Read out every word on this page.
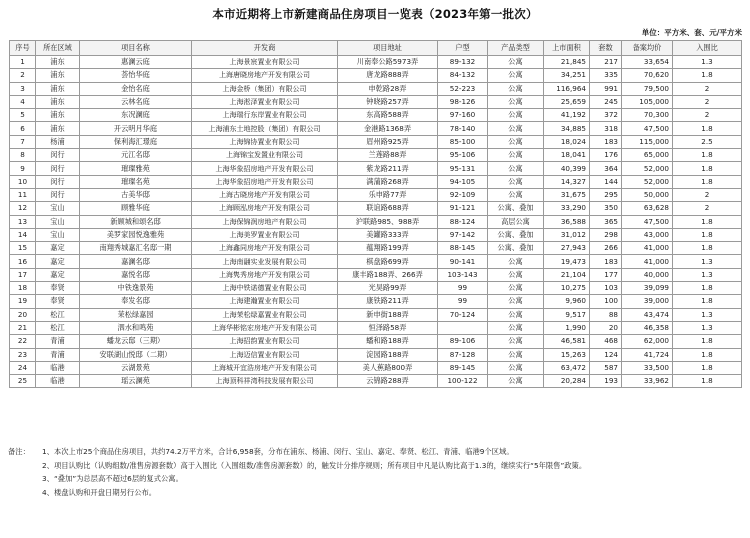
本市近期将上市新建商品住房项目一览表（2023年第一批次）
单位：平方米、套、元/平方米
序号	所在区域	项目名称	开发商	项目地址	户型	产品类型	上市面积	套数	备案均价	入围比
1	浦东	惠澜云庭	上海景宸置业有限公司	川南奉公路5973弄	89-132	公寓	21,845	217	33,654	1.3
2	浦东	荟怡华庭	上海唐晓房地产开发有限公司	唐龙路888弄	84-132	公寓	34,251	335	70,620	1.8
3	浦东	金怡名庭	上海金桥（集团）有限公司	申乾路28弄	52-223	公寓	116,964	991	79,500	2
4	浦东	云林名庭	上海淞泽置业有限公司	钟晓路257弄	98-126	公寓	25,659	245	105,000	2
5	浦东	东况澜庭	上海瑞行东岸置业有限公司	东高路588弄	97-160	公寓	41,192	372	70,300	2
6	浦东	开云明月华庭	上海浦东土地控股（集团）有限公司	金港路1368弄	78-140	公寓	34,885	318	47,500	1.8
7	杨浦	保利海汇璟庭	上海锦协置业有限公司	眉州路925弄	85-100	公寓	18,024	183	115,000	2.5
8	闵行	元江名邸	上海锦宝发置业有限公司	兰莲路88弄	95-106	公寓	18,041	176	65,000	1.8
9	闵行	璀璨雅苑	上海华象招房地产开发有限公司	紫龙路211弄	95-131	公寓	40,399	364	52,000	1.8
10	闵行	璀璨名苑	上海华象招房地产开发有限公司	满蒲路268弄	94-105	公寓	14,327	144	52,000	1.8
11	闵行	古美华邸	上海古晓房地产开发有限公司	乐申路77弄	92-109	公寓	31,675	295	50,000	2
12	宝山	顾雅华庭	上海顾泓房地产开发有限公司	联谊路688弄	91-121	公寓、叠加	33,290	350	63,628	2
13	宝山	新顾城和颂名邸	上海保锦润房地产有限公司	沪联路985、988弄	88-124	高层公寓	36,588	365	47,500	1.8
14	宝山	美罗家园悦逸雅苑	上海美罗置业有限公司	美罐路333弄	97-142	公寓、叠加	31,012	298	43,000	1.8
15	嘉定	南翔秀城嘉汇名邸一期	上海鑫同房地产开发有限公司	蕴翔路199弄	88-145	公寓、叠加	27,943	266	41,000	1.8
16	嘉定	嘉澜名邸	上海南翮实业发展有限公司	棋盘路699弄	90-141	公寓	19,473	183	41,000	1.3
17	嘉定	嘉悦名邸	上海隽秀房地产开发有限公司	康丰路188弄、266弄	103-143	公寓	21,104	177	40,000	1.3
18	奉贤	中铁逸景苑	上海中铁诺德置业有限公司	光昊路99弄	99	公寓	10,275	103	39,099	1.8
19	奉贤	奉发名邸	上海建瀚置业有限公司	康铁路211弄	99	公寓	9,960	100	39,000	1.8
20	松江	茉松绿嘉园	上海茉松绿嘉置业有限公司	新申街188弄	70-124	公寓	9,517	88	43,474	1.3
21	松江	泗水和鸣苑	上海华彬铭宏房地产开发有限公司	恒泽路58弄		公寓	1,990	20	46,358	1.3
22	青浦	蟠龙云邸（三期）	上海招韵置业有限公司	蟠和路188弄	89-106	公寓	46,581	468	62,000	1.8
23	青浦	安联湖山悦邸（二期）	上海迈信置业有限公司	淀园路188弄	87-128	公寓	15,263	124	41,724	1.8
24	临港	云湖景苑	上海城开宜浩房地产开发有限公司	美人蕉路800弄	89-145	公寓	63,472	587	33,500	1.8
25	临港	瑶云澜苑	上海顶科祥湾科技发展有限公司	云锦路288弄	100-122	公寓	20,284	193	33,962	1.8
备注： 1、本次上市25个商品住房项目，共约74.2万平方米，合计6,958套，分布在浦东、杨浦、闵行、宝山、嘉定、奉贤、松江、青浦、临港9个区域。
2、项目认购比（认购组数/准售房源套数）高于入围比（入围组数/准售房源套数）的，触发计分排序规则；所有项目中凡是认购比高于1.3的，继续实行“5年限售”政策。
3、“叠加”为总层高不超过6层的复式公寓。
4、楼盘认购和开盘日期另行公布。
